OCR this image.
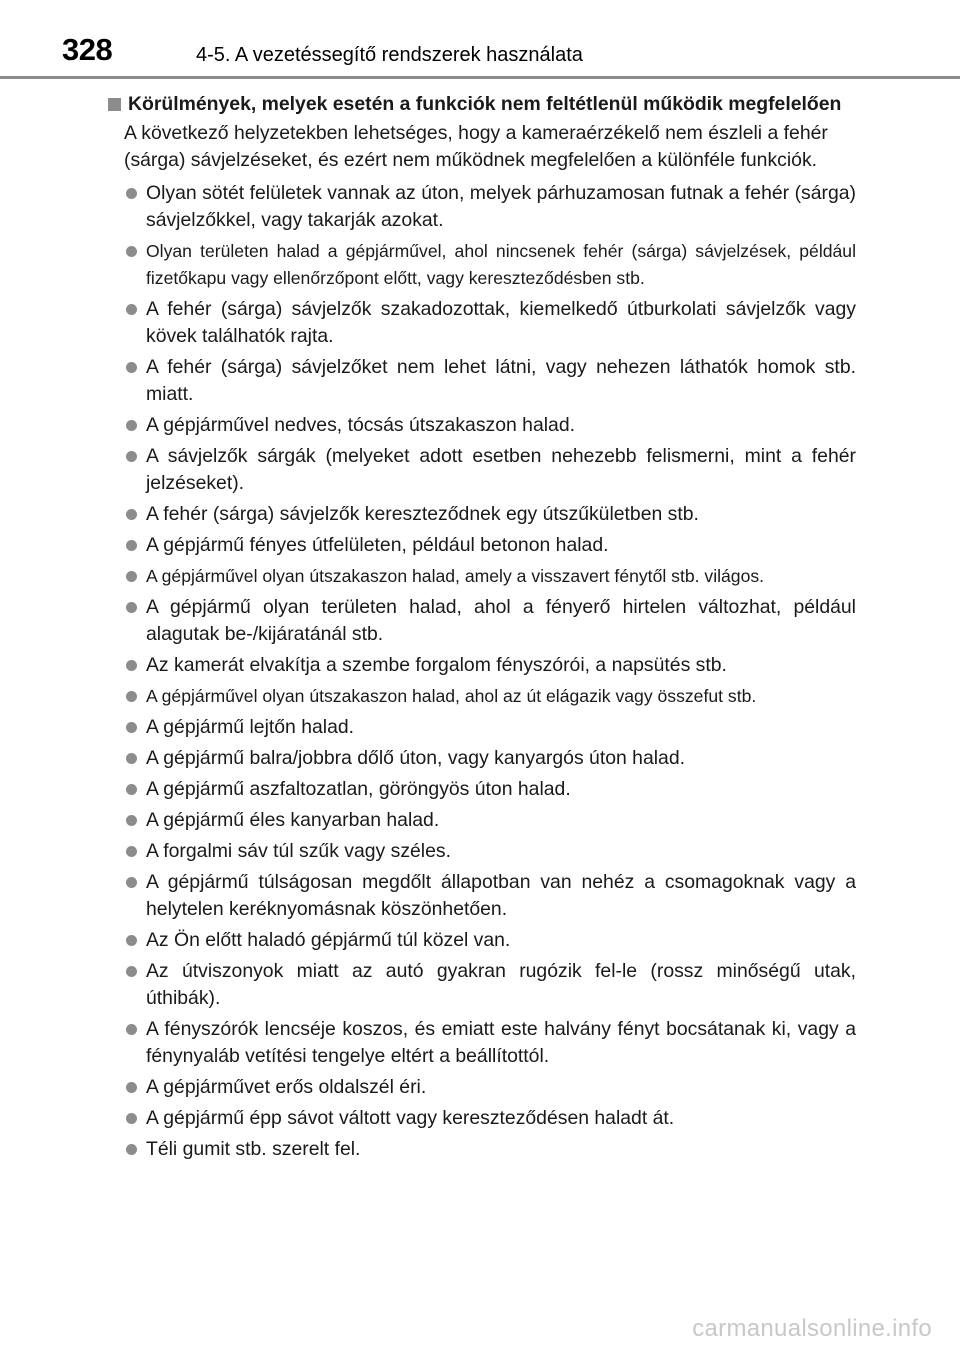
328	4-5. A vezetéssegítő rendszerek használata
Körülmények, melyek esetén a funkciók nem feltétlenül működik megfelelően
A következő helyzetekben lehetséges, hogy a kameraérzékelő nem észleli a fehér (sárga) sávjelzéseket, és ezért nem működnek megfelelően a különféle funkciók.
Olyan sötét felületek vannak az úton, melyek párhuzamosan futnak a fehér (sárga) sávjelzőkkel, vagy takarják azokat.
Olyan területen halad a gépjárművel, ahol nincsenek fehér (sárga) sávjelzések, például fizetőkapu vagy ellenőrzőpont előtt, vagy kereszteződésben stb.
A fehér (sárga) sávjelzők szakadozottak, kiemelkedő útburkolati sávjelzők vagy kövek találhatók rajta.
A fehér (sárga) sávjelzőket nem lehet látni, vagy nehezen láthatók homok stb. miatt.
A gépjárművel nedves, tócsás útszakaszon halad.
A sávjelzők sárgák (melyeket adott esetben nehezebb felismerni, mint a fehér jelzéseket).
A fehér (sárga) sávjelzők kereszteződnek egy útszűkületben stb.
A gépjármű fényes útfelületen, például betonon halad.
A gépjárművel olyan útszakaszon halad, amely a visszavert fénytől stb. világos.
A gépjármű olyan területen halad, ahol a fényerő hirtelen változhat, például alagutak be-/kijáratánál stb.
Az kamerát elvakítja a szembe forgalom fényszórói, a napsütés stb.
A gépjárművel olyan útszakaszon halad, ahol az út elágazik vagy összefut stb.
A gépjármű lejtőn halad.
A gépjármű balra/jobbra dőlő úton, vagy kanyargós úton halad.
A gépjármű aszfaltozatlan, göröngyös úton halad.
A gépjármű éles kanyarban halad.
A forgalmi sáv túl szűk vagy széles.
A gépjármű túlságosan megdőlt állapotban van nehéz a csomagoknak vagy a helytelen keréknyomásnak köszönhetően.
Az Ön előtt haladó gépjármű túl közel van.
Az útviszonyok miatt az autó gyakran rugózik fel-le (rossz minőségű utak, úthibák).
A fényszórók lencséje koszos, és emiatt este halvány fényt bocsátanak ki, vagy a fénynyaláb vetítési tengelye eltért a beállítottól.
A gépjárművet erős oldalszél éri.
A gépjármű épp sávot váltott vagy kereszteződésen haladt át.
Téli gumit stb. szerelt fel.
carmanualsonline.info
